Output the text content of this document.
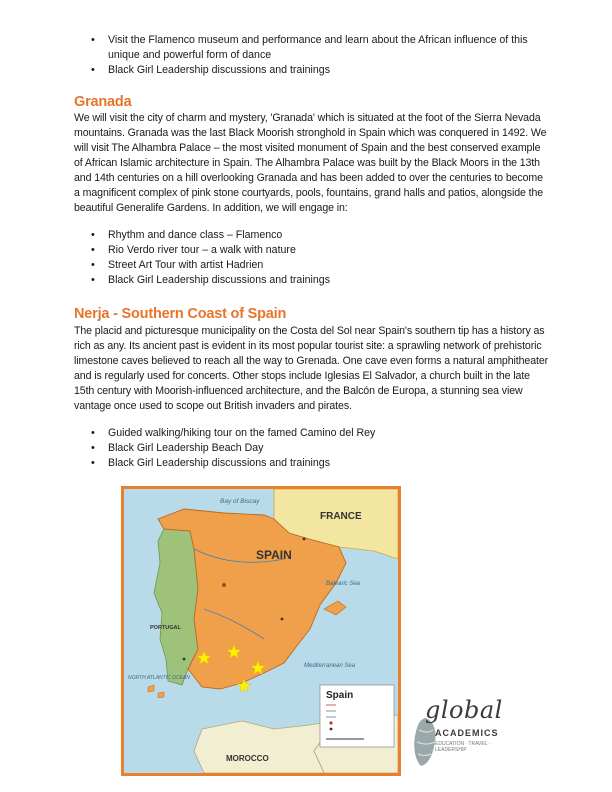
• Visit the Flamenco museum and performance and learn about the African influence of this unique and powerful form of dance
• Black Girl Leadership discussions and trainings
Granada

We will visit the city of charm and mystery, 'Granada' which is situated at the foot of the Sierra Nevada mountains. Granada was the last Black Moorish stronghold in Spain which was conquered in 1492. We will visit The Alhambra Palace – the most visited monument of Spain and the best conserved example of African Islamic architecture in Spain. The Alhambra Palace was built by the Black Moors in the 13th and 14th centuries on a hill overlooking Granada and has been added to over the centuries to become a magnificent complex of pink stone courtyards, pools, fountains, grand halls and patios, alongside the beautiful Generalife Gardens. In addition, we will engage in:

• Rhythm and dance class – Flamenco
• Rio Verdo river tour – a walk with nature
• Street Art Tour with artist Hadrien
• Black Girl Leadership discussions and trainings
Nerja - Southern Coast of Spain

The placid and picturesque municipality on the Costa del Sol near Spain's southern tip has a history as rich as any. Its ancient past is evident in its most popular tourist site: a sprawling network of prehistoric limestone caves believed to reach all the way to Grenada. One cave even forms a natural amphitheater and is regularly used for concerts. Other stops include Iglesias El Salvador, a church built in the late 15th century with Moorish-influenced architecture, and the Balcón de Europa, a stunning sea view vantage once used to scope out British invaders and pirates.

• Guided walking/hiking tour on the famed Camino del Rey
• Black Girl Leadership Beach Day
• Black Girl Leadership discussions and trainings
Bay of Biscay
FRANCE
SPAIN
PORTUGAL
NORTH ATLANTIC OCEAN
Balearic Sea
Mediterranean Sea
MOROCCO
Spain
global
ACADEMICS
EDUCATION · TRAVEL · LEADERSHIP
